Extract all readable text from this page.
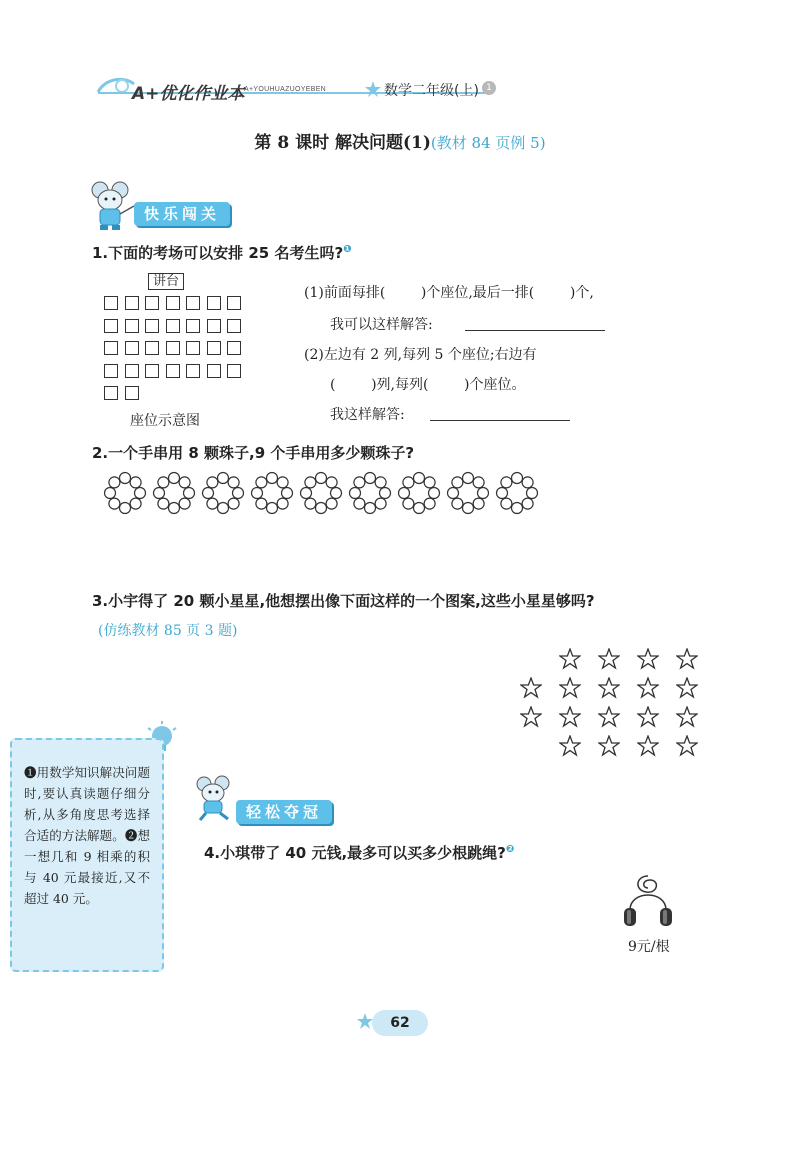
A+优化作业本 A+YOUHUAZUOYEBEN	数学二年级(上) 1
第 8 课时 解决问题(1)(教材 84 页例 5)
快乐闯关
1.下面的考场可以安排 25 名考生吗?$^❶$
讲台
座位示意图
(1)前面每排(        )个座位,最后一排(        )个,
我可以这样解答:
(2)左边有 2 列,每列 5 个座位;右边有
(        )列,每列(        )个座位。
我这样解答:
2.一个手串用 8 颗珠子,9 个手串用多少颗珠子?
3.小宇得了 20 颗小星星,他想摆出像下面这样的一个图案,这些小星星够吗?
(仿练教材 85 页 3 题)
❶用数学知识解决问题时,要认真读题仔细分析,从多角度思考选择合适的方法解题。❷想一想几和 9 相乘的积与 40 元最接近,又不超过 40 元。
轻松夺冠
4.小琪带了 40 元钱,最多可以买多少根跳绳?$^❷$
9元/根
62
